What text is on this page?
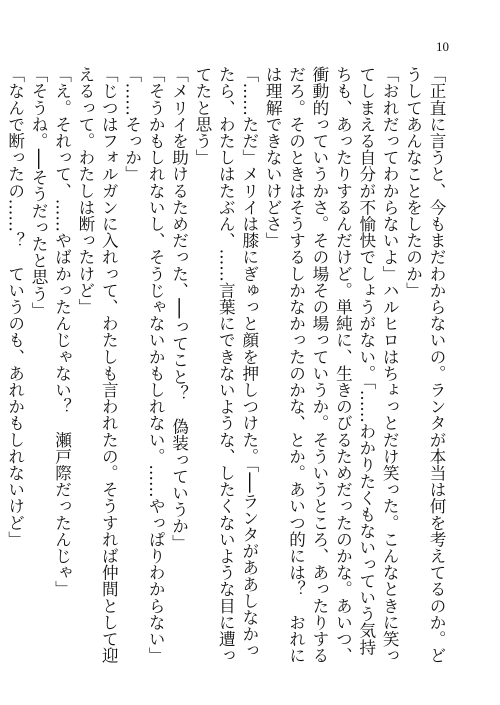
10

「正直に言うと、今もまだわからないの。ランタが本当は何を考えてるのか。どうしてあんなことをしたのか」

「おれだってわからないよ」ハルヒロはちょっとだけ笑った。こんなときに笑ってしまえる自分が不愉快でしょうがない。「……わかりたくもないっていう気持ちも、あったりするんだけど。単純に、生きのびるためだったのかな。あいつ、衝動的っていうかさ。その場その場っていうか。そういうところ、あったりするだろ。そのときはそうするしかなかったのかな、とか。あいつ的には？　おれには理解できないけどさ」

「……ただ」メリイは膝にぎゅっと顔を押しつけた。「──ランタがああしなかったら、わたしはたぶん、……言葉にできないような、したくないような目に遭ってたと思う」

「メリイを助けるためだった、──ってこと？　偽装っていうか」

「そうかもしれないし、そうじゃないかもしれない。……やっぱりわからない」

「……そっか」

「じつはフォルガンに入れって、わたしも言われたの。そうすれば仲間として迎えるって。わたしは断ったけど」

「え。それって、……やばかったんじゃない？　瀬戸際だったんじゃ」

「そうね。──そうだったと思う」

「なんで断ったの……？　ていうのも、あれかもしれないけど」
